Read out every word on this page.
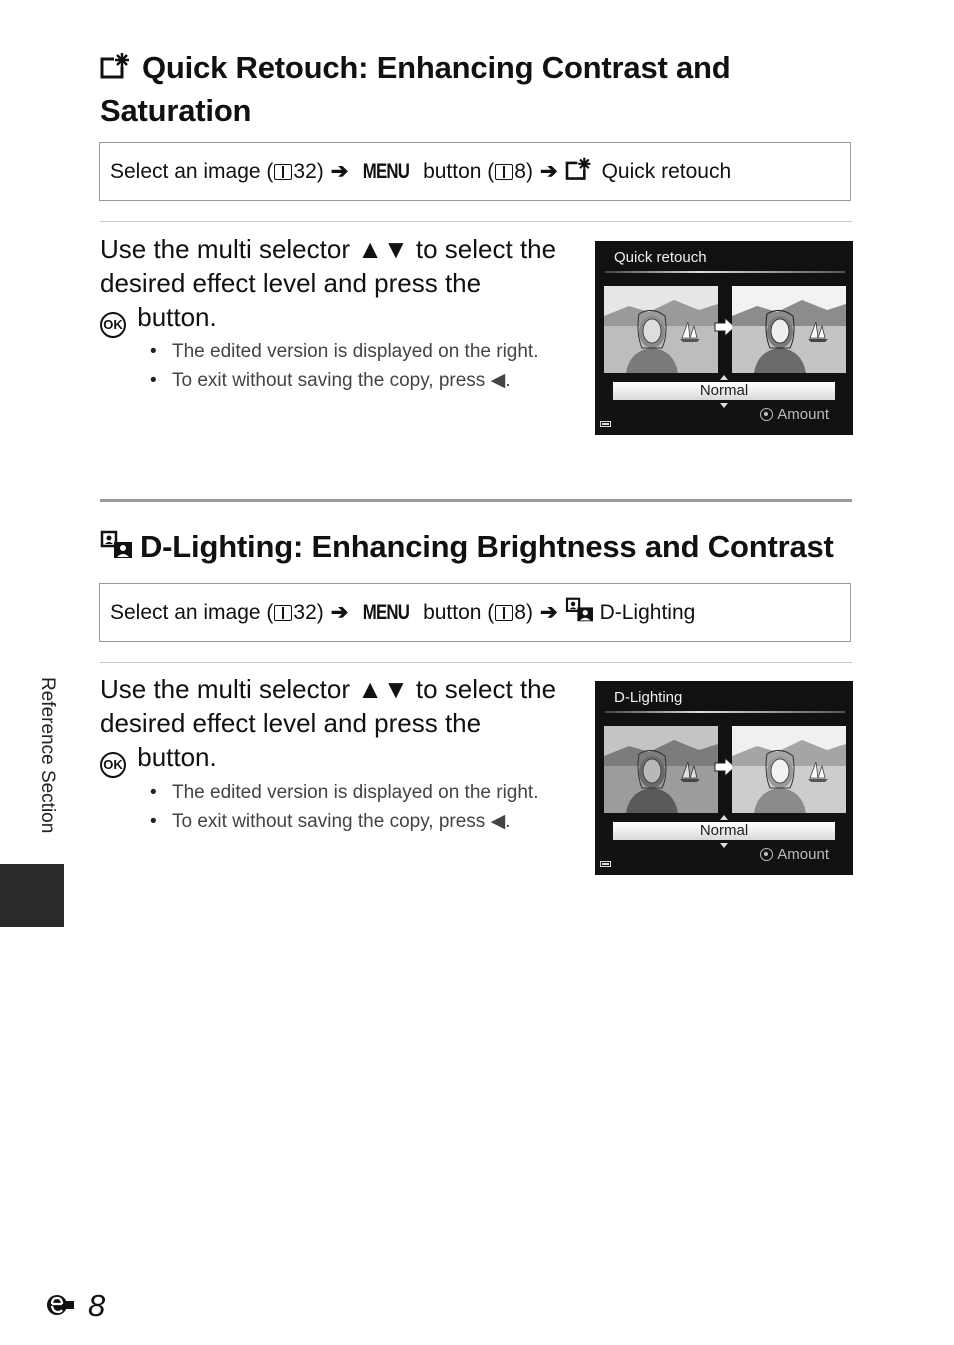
Quick Retouch: Enhancing Contrast and Saturation
Select an image ( 32 ) ➔ MENU
button ( 8 ) ➔ Quick retouch
Use the multi selector ▲▼ to select the desired effect level and press the
OK button.
• The edited version is displayed on the right.
• To exit without saving the copy, press ◀.
Quick retouch
Normal
Amount
D-Lighting: Enhancing Brightness and Contrast
Select an image ( 32 ) ➔ MENU
button ( 8 ) ➔ D-Lighting
Use the multi selector ▲▼ to select the desired effect level and press the
OK button.
• The edited version is displayed on the right.
• To exit without saving the copy, press ◀.
D-Lighting
Normal
Amount
Reference Section
8
